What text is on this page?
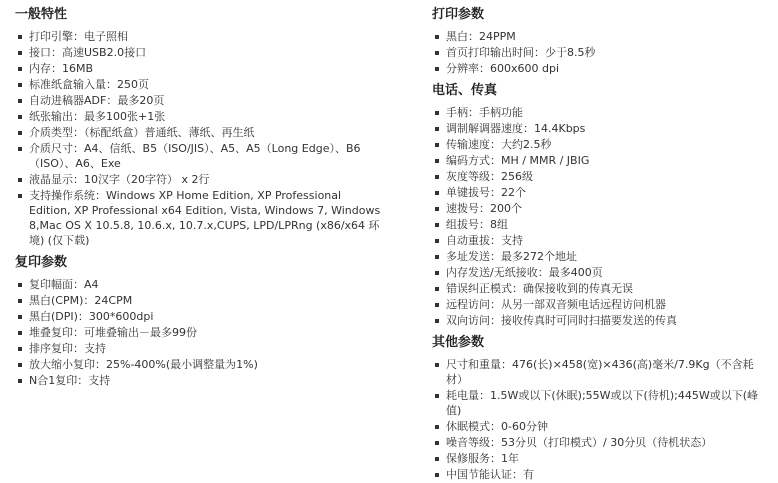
一般特性
打印引擎：电子照相
接口：高速USB2.0接口
内存：16MB
标准纸盒输入量：250页
自动进稿器ADF：最多20页
纸张输出：最多100张+1张
介质类型：（标配纸盒）普通纸、薄纸、再生纸
介质尺寸：A4、信纸、B5（ISO/JIS）、A5、A5（Long Edge）、B6（ISO）、A6、Exe
液晶显示：10汉字（20字符） x 2行
支持操作系统：Windows XP Home Edition, XP Professional Edition, XP Professional x64 Edition, Vista, Windows 7, Windows 8,Mac OS X 10.5.8, 10.6.x, 10.7.x,CUPS, LPD/LPRng (x86/x64 环境) (仅下载)
复印参数
复印幅面：A4
黑白(CPM)：24CPM
黑白(DPI)：300*600dpi
堆叠复印：可堆叠输出－最多99份
排序复印：支持
放大缩小复印：25%-400%(最小调整量为1%)
N合1复印：支持
打印参数
黑白：24PPM
首页打印输出时间：少于8.5秒
分辨率：600x600 dpi
电话、传真
手柄：手柄功能
调制解调器速度：14.4Kbps
传输速度：大约2.5秒
编码方式：MH / MMR / JBIG
灰度等级：256级
单键拔号：22个
速拨号：200个
组拔号：8组
自动重拔：支持
多址发送：最多272个地址
内存发送/无纸接收：最多400页
错误纠正模式：确保接收到的传真无误
远程访问：从另一部双音频电话远程访问机器
双向访问：接收传真时可同时扫描要发送的传真
其他参数
尺寸和重量：476(长)×458(宽)×436(高)毫米/7.9Kg（不含耗材）
耗电量：1.5W或以下(休眠);55W或以下(待机);445W或以下(峰值)
休眠模式：0-60分钟
噪音等级：53分贝（打印模式）/ 30分贝（待机状态）
保修服务：1年
中国节能认证：有
